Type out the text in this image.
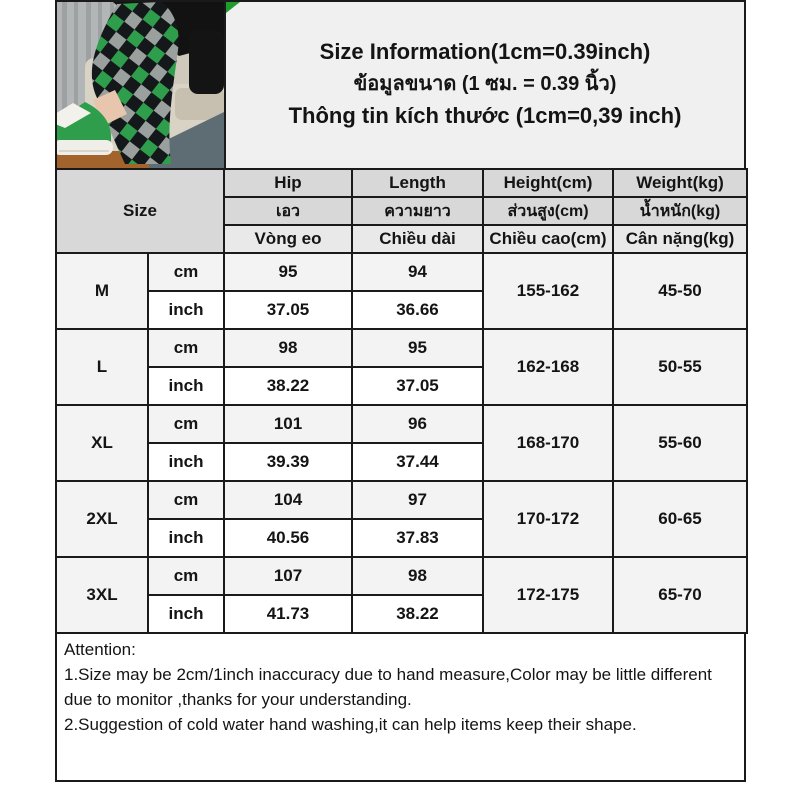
Size Information(1cm=0.39inch)
ข้อมูลขนาด (1 ซม. = 0.39 นิ้ว)
Thông tin kích thước (1cm=0,39 inch)
Size		Hip	Length	Height(cm)	Weight(kg)
		เอว	ความยาว	ส่วนสูง(cm)	น้ำหนัก(kg)
		Vòng eo	Chiều dài	Chiều cao(cm)	Cân nặng(kg)
M	cm	95	94	155-162	45-50
	inch	37.05	36.66		
L	cm	98	95	162-168	50-55
	inch	38.22	37.05		
XL	cm	101	96	168-170	55-60
	inch	39.39	37.44		
2XL	cm	104	97	170-172	60-65
	inch	40.56	37.83		
3XL	cm	107	98	172-175	65-70
	inch	41.73	38.22		
Attention:
1.Size may be 2cm/1inch inaccuracy due to hand measure,Color may be little different due to monitor ,thanks for your understanding.
2.Suggestion of cold water hand washing,it can help items keep their shape.
